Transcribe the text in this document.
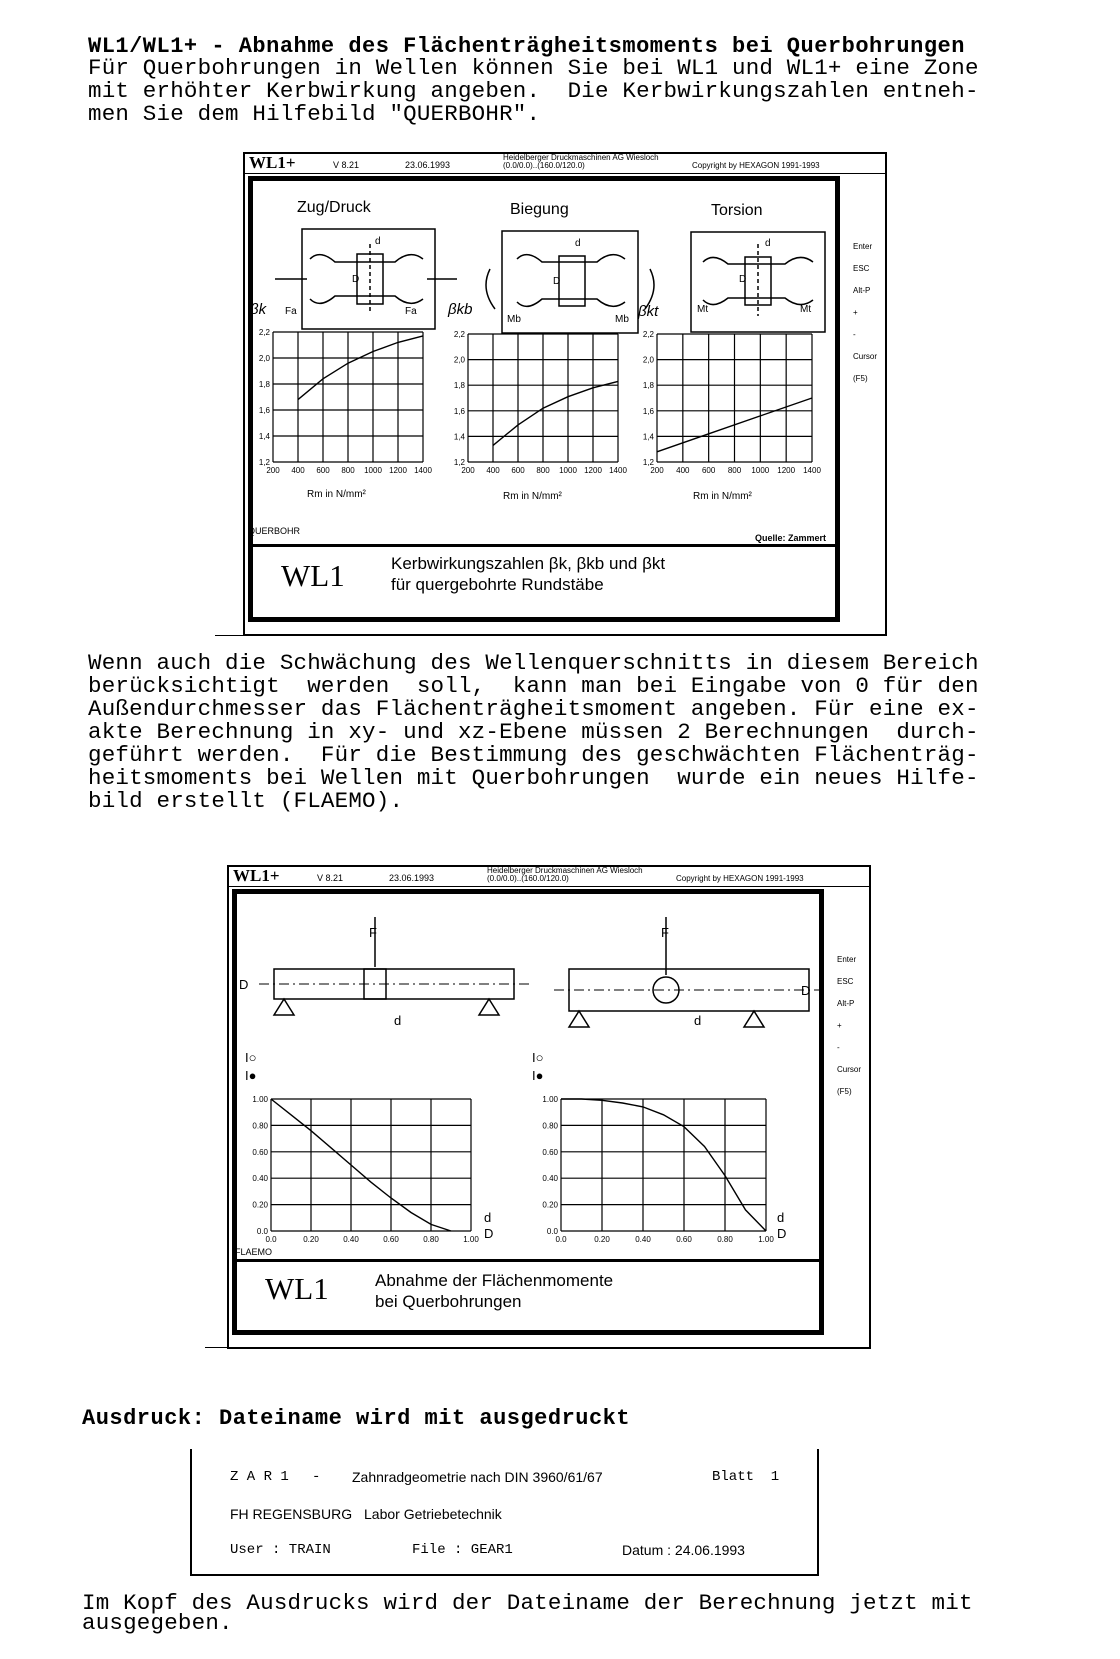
WL1/WL1+ - Abnahme des Flächenträgheitsmoments bei Querbohrungen
Für Querbohrungen in Wellen können Sie bei WL1 und WL1+ eine Zone
mit erhöhter Kerbwirkung angeben.  Die Kerbwirkungszahlen entneh-
men Sie dem Hilfebild "QUERBOHR".
WL1+	V 8.21	23.06.1993
Heidelberger Druckmaschinen AG Wiesloch
(0.0/0.0)..(160.0/120.0)	Copyright by HEXAGON 1991-1993
Enter
ESC
Alt-P
+
-
Cursor
(F5)
Zug/Druck	Biegung	Torsion
Fa	Fa
Mb	Mb
Mt	Mt
d
D
d
D
d
D
βk	βkb	βkt
200 400 600 800 1000 1200 1400
1,2
1,4
1,6
1,8
2,0
2,2
200 400 600 800 1000 1200 1400
1,2
1,4
1,6
1,8
2,0
2,2
200 400 600 800 1000 1200 1400
1,2
1,4
1,6
1,8
2,0
2,2
Rm in N/mm²	Rm in N/mm²	Rm in N/mm²
QUERBOHR
Quelle: Zammert
WL1	Kerbwirkungszahlen βk, βkb und βkt
für quergebohrte Rundstäbe
Wenn auch die Schwächung des Wellenquerschnitts in diesem Bereich
berücksichtigt  werden  soll,  kann man bei Eingabe von 0 für den
Außendurchmesser das Flächenträgheitsmoment angeben. Für eine ex-
akte Berechnung in xy- und xz-Ebene müssen 2 Berechnungen  durch-
geführt werden.  Für die Bestimmung des geschwächten Flächenträg-
heitsmoments bei Wellen mit Querbohrungen  wurde ein neues Hilfe-
bild erstellt (FLAEMO).
WL1+	V 8.21	23.06.1993
Heidelberger Druckmaschinen AG Wiesloch
(0.0/0.0)..(160.0/120.0)	Copyright by HEXAGON 1991-1993
Enter
ESC
Alt-P
+
-
Cursor
(F5)
F	F
D
d
D
d
I○
I●
I○
I●
d
D
d
D
0.0	0.20	0.40	0.60	0.80	1.00
0.0
0.20
0.40
0.60
0.80
1.00
0.0	0.20	0.40	0.60	0.80	1.00
0.0
0.20
0.40
0.60
0.80
1.00
FLAEMO
WL1	Abnahme der Flächenmomente
bei Querbohrungen
Ausdruck: Dateiname wird mit ausgedruckt
Z A R 1 - Zahnradgeometrie nach DIN 3960/61/67	Blatt  1
FH REGENSBURG Labor Getriebetechnik
User : TRAIN	File : GEAR1	Datum : 24.06.1993
Im Kopf des Ausdrucks wird der Dateiname der Berechnung jetzt mit
ausgegeben.
